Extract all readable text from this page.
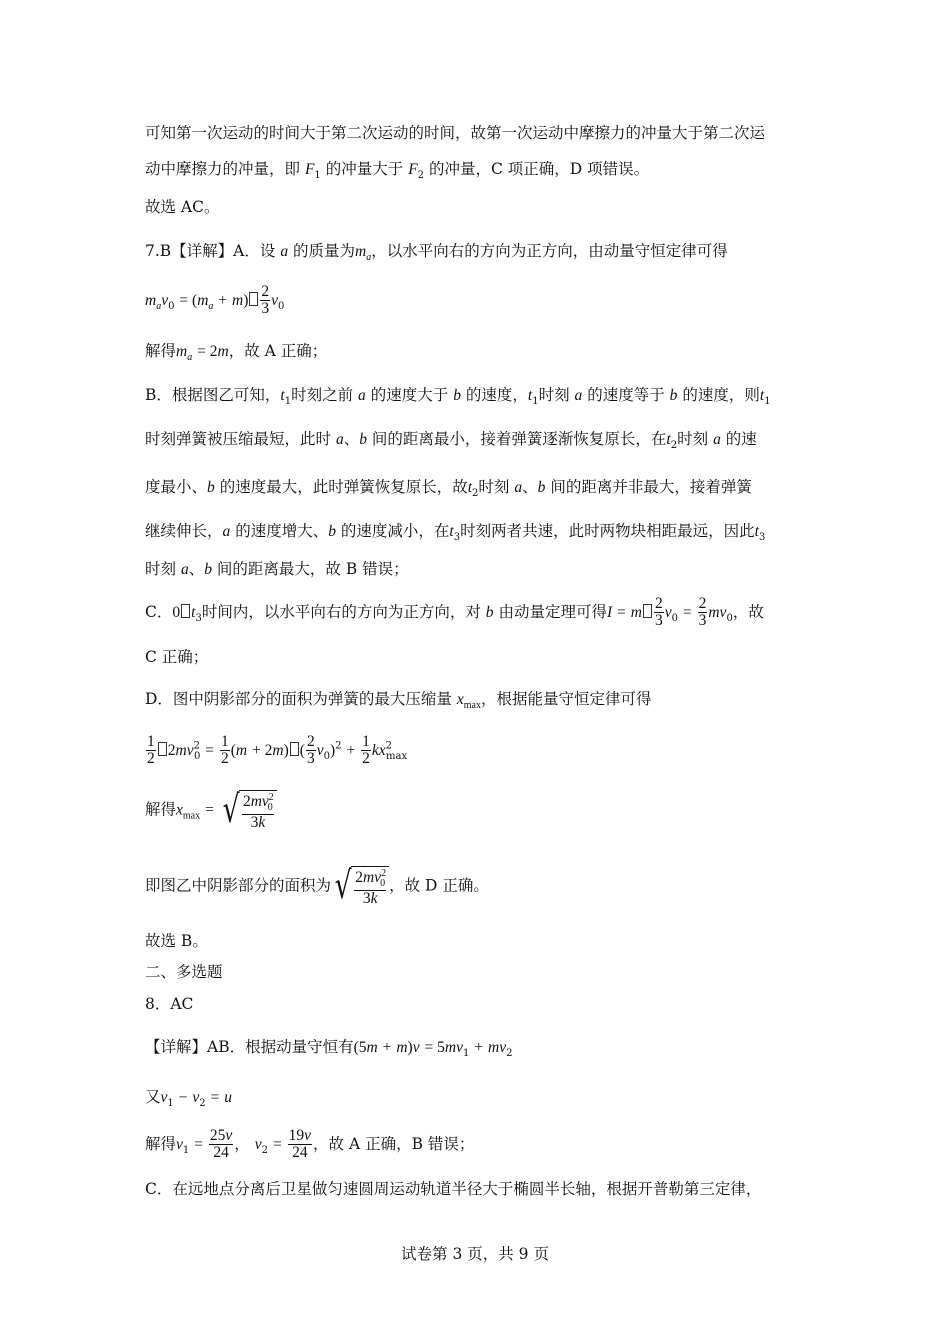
可知第一次运动的时间大于第二次运动的时间，故第一次运动中摩擦力的冲量大于第二次运
动中摩擦力的冲量，即 $F_1$ 的冲量大于 $F_2$ 的冲量，C 项正确，D 项错误。
故选 AC。
7.B【详解】A．设 a 的质量为$m_a$，以水平向右的方向为正方向，由动量守恒定律可得
$m_av_0 = (m_a + m) \frac{2}{3} v_0$
解得$m_a = 2m$，故 A 正确；
B．根据图乙可知，$t_1$时刻之前 a 的速度大于 b 的速度，$t_1$时刻 a 的速度等于 b 的速度，则$t_1$
时刻弹簧被压缩最短，此时 a、b 间的距离最小，接着弹簧逐渐恢复原长，在$t_2$时刻 a 的速
度最小、b 的速度最大，此时弹簧恢复原长，故$t_2$时刻 a、b 间的距离并非最大，接着弹簧
继续伸长，a 的速度增大、b 的速度减小，在$t_3$时刻两者共速，此时两物块相距最远，因此$t_3$
时刻 a、b 间的距离最大，故 B 错误；
C．0 $t_3$时间内，以水平向右的方向为正方向，对 b 由动量定理可得I = m $\frac{2}{3} v_0 = \frac{2}{3} mv_0$，故
C 正确；
D．图中阴影部分的面积为弹簧的最大压缩量 $x_{max}$，根据能量守恒定律可得
$\frac{1}{2} 2mv^2_0 = \frac{1}{2} (m + 2m)$ ( $\frac{2}{3} v_0)^2 + \frac{1}{2} kx^2_{max}$
解得$x_{max}$ = √ $\frac{2mv^2_0}{3k}$
即图乙中阴影部分的面积为 √ $\frac{2mv^2_0}{3k}$ ，故 D 正确。
故选 B。
二、多选题
8．AC
【详解】AB．根据动量守恒有$(5m + m)v = 5mv_1 + mv_2$
又$v_1 - v_2 = u$
解得$v_1 = \frac{25v}{24}$ ， $v_2 = \frac{19v}{24}$ ，故 A 正确，B 错误；
C．在远地点分离后卫星做匀速圆周运动轨道半径大于椭圆半长轴，根据开普勒第三定律，
试卷第 3 页，共 9 页
